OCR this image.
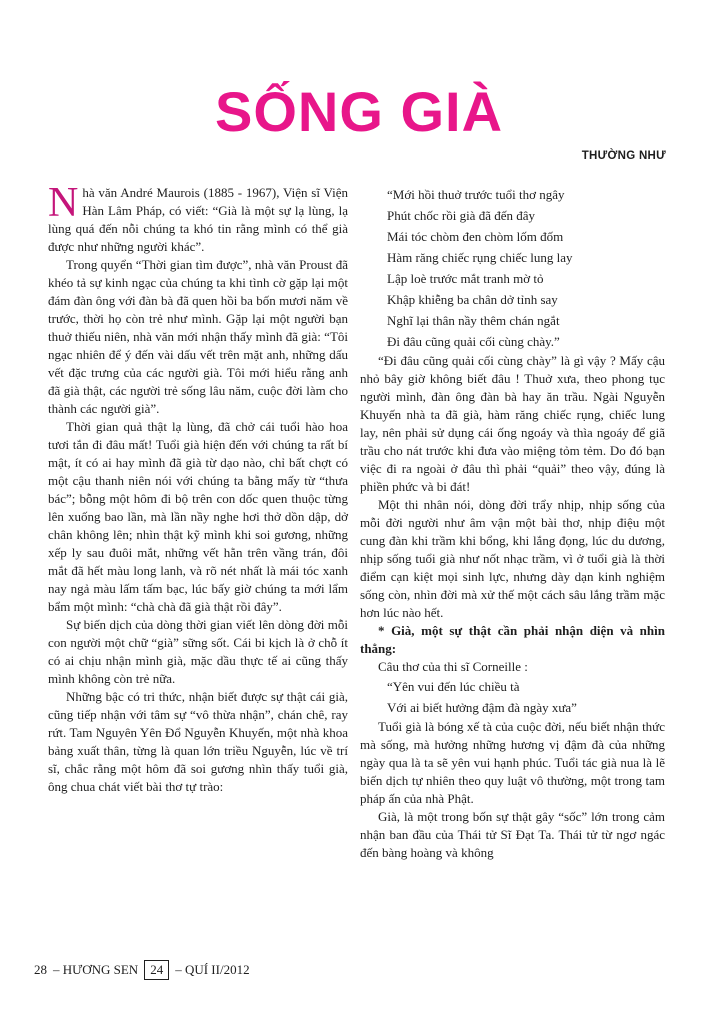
SỐNG GIÀ
THƯỜNG NHƯ

Nhà văn André Maurois (1885 - 1967), Viện sĩ Viện Hàn Lâm Pháp, có viết: “Già là một sự lạ lùng, lạ lùng quá đến nỗi chúng ta khó tin rằng mình có thể già được như những người khác”.

Trong quyển “Thời gian tìm được”, nhà văn Proust đã khéo tả sự kinh ngạc của chúng ta khi tình cờ gặp lại một đám đàn ông với đàn bà đã quen hồi ba bốn mươi năm về trước, thời họ còn trẻ như mình. Gặp lại một người bạn thuở thiếu niên, nhà văn mới nhận thấy mình đã già: “Tôi ngạc nhiên để ý đến vài dấu vết trên mặt anh, những dấu vết đặc trưng của các người già. Tôi mới hiểu rằng anh đã già thật, các người trẻ sống lâu năm, cuộc đời làm cho thành các người già”.

Thời gian quả thật lạ lùng, đã chở cái tuổi hào hoa tươi tắn đi đâu mất! Tuổi già hiện đến với chúng ta rất bí mật, ít có ai hay mình đã già từ dạo nào, chỉ bất chợt có một cậu thanh niên nói với chúng ta bằng mấy từ “thưa bác”; bỗng một hôm đi bộ trên con dốc quen thuộc từng lên xuống bao lần, mà lần nầy nghe hơi thở dồn dập, dở chân không lên; nhìn thật kỹ mình khi soi gương, những xếp ly sau đuôi mắt, những vết hằn trên vầng trán, đôi mắt đã hết màu long lanh, và rõ nét nhất là mái tóc xanh nay ngả màu lấm tấm bạc, lúc bấy giờ chúng ta mới lẩm bẩm một mình: “chà chà đã già thật rồi đây”.

Sự biến dịch của dòng thời gian viết lên dòng đời mỗi con người một chữ “già” sững sốt. Cái bi kịch là ở chỗ ít có ai chịu nhận mình già, mặc dầu thực tế ai cũng thấy mình không còn trẻ nữa.

Những bậc có tri thức, nhận biết được sự thật cái già, cũng tiếp nhận với tâm sự “vô thừa nhận”, chán chê, ray rứt. Tam Nguyên Yên Đổ Nguyễn Khuyến, một nhà khoa bảng xuất thân, từng là quan lớn triều Nguyễn, lúc về trí sĩ, chắc rằng một hôm đã soi gương nhìn thấy tuổi già, ông chua chát viết bài thơ tự trào:

“Mới hồi thuở trước tuổi thơ ngây
Phút chốc rồi già đã đến đây
Mái tóc chòm đen chòm lốm đốm
Hàm răng chiếc rụng chiếc lung lay
Lập loè trước mắt tranh mờ tỏ
Khập khiễng ba chân dở tỉnh say
Nghĩ lại thân nầy thêm chán ngắt
Đi đâu cũng quải cối cùng chày.”

“Đi đâu cũng quải cối cùng chày” là gì vậy ? Mấy cậu nhỏ bây giờ không biết đâu ! Thuở xưa, theo phong tục người mình, đàn ông đàn bà hay ăn trầu. Ngài Nguyễn Khuyến nhà ta đã già, hàm răng chiếc rụng, chiếc lung lay, nên phải sử dụng cái ống ngoáy và thìa ngoáy để giã trầu cho nát trước khi đưa vào miệng tỏm tẻm. Do đó bạn việc đi ra ngoài ở đâu thì phải “quải” theo vậy, đúng là phiền phức và bi đát!

Một thi nhân nói, dòng đời trẩy nhịp, nhịp sống của mỗi đời người như âm vận một bài thơ, nhịp điệu một cung đàn khi trầm khi bổng, khi lắng đọng, lúc du dương, nhịp sống tuổi già như nốt nhạc trầm, vì ở tuổi già là thời điểm cạn kiệt mọi sinh lực, nhưng dày dạn kinh nghiệm sống còn, nhìn đời mà xử thế một cách sâu lắng trầm mặc hơn lúc nào hết.

* Già, một sự thật cần phải nhận diện và nhìn thẳng:

Câu thơ của thi sĩ Corneille :

“Yên vui đến lúc chiều tà
Với ai biết hưởng đậm đà ngày xưa”

Tuổi già là bóng xế tà của cuộc đời, nếu biết nhận thức mà sống, mà hưởng những hương vị đậm đà của những ngày qua là ta sẽ yên vui hạnh phúc. Tuổi tác già nua là lẽ biến dịch tự nhiên theo quy luật vô thường, một trong tam pháp ấn của nhà Phật.

Già, là một trong bốn sự thật gây “sốc” lớn trong cảm nhận ban đầu của Thái tử Sĩ Đạt Ta. Thái tử từ ngơ ngác đến bàng hoàng và không

28 – HƯƠNG SEN 24 – QUÍ II/2012
